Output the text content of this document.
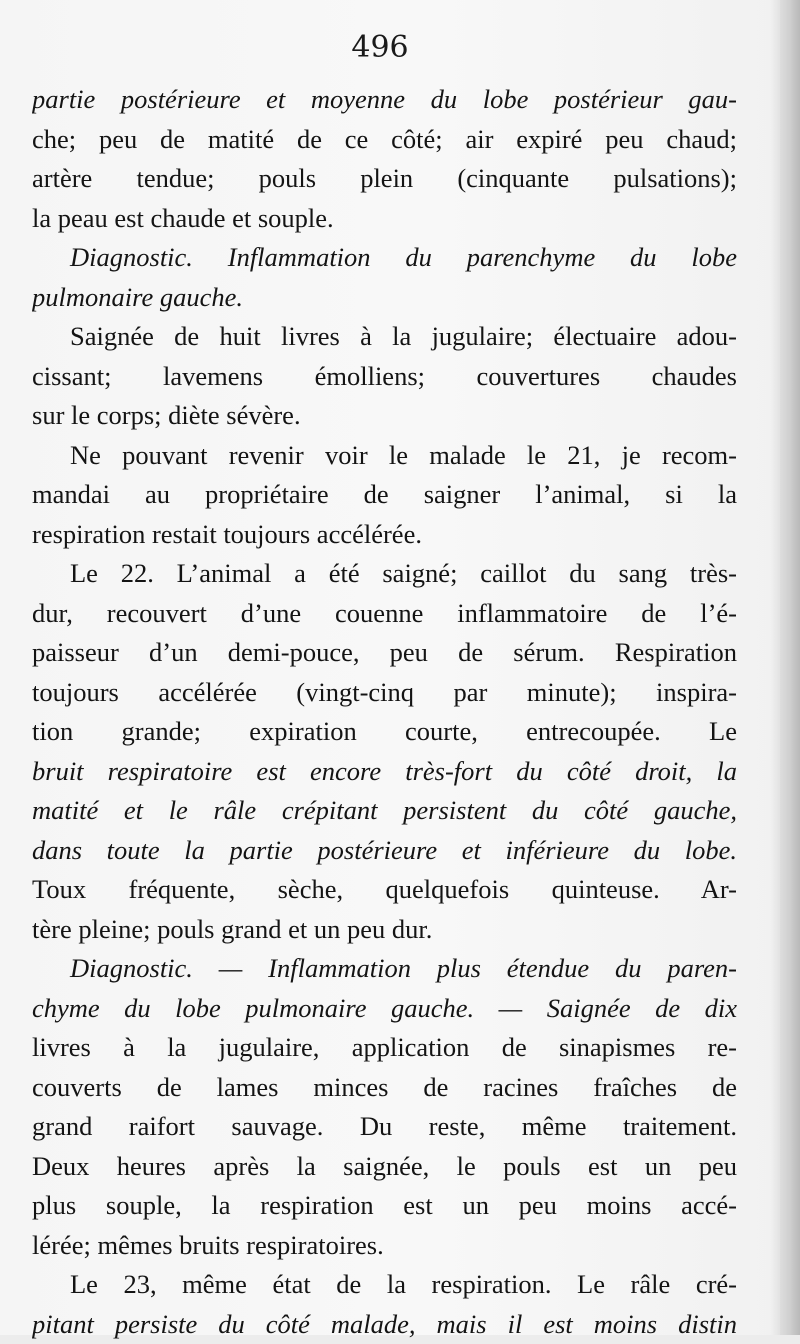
496
partie postérieure et moyenne du lobe postérieur gau-
che; peu de matité de ce côté; air expiré peu chaud;
artère tendue; pouls plein (cinquante pulsations);
la peau est chaude et souple.
Diagnostic. Inflammation du parenchyme du lobe
pulmonaire gauche.
Saignée de huit livres à la jugulaire; électuaire adou-
cissant; lavemens émolliens; couvertures chaudes
sur le corps; diète sévère.
Ne pouvant revenir voir le malade le 21, je recom-
mandai au propriétaire de saigner l’animal, si la
respiration restait toujours accélérée.
Le 22. L’animal a été saigné; caillot du sang très-
dur, recouvert d’une couenne inflammatoire de l’é-
paisseur d’un demi-pouce, peu de sérum. Respiration
toujours accélérée (vingt-cinq par minute); inspira-
tion grande; expiration courte, entrecoupée. Le
bruit respiratoire est encore très-fort du côté droit, la
matité et le râle crépitant persistent du côté gauche,
dans toute la partie postérieure et inférieure du lobe.
Toux fréquente, sèche, quelquefois quinteuse. Ar-
tère pleine; pouls grand et un peu dur.
Diagnostic. — Inflammation plus étendue du paren-
chyme du lobe pulmonaire gauche. — Saignée de dix
livres à la jugulaire, application de sinapismes re-
couverts de lames minces de racines fraîches de
grand raifort sauvage. Du reste, même traitement.
Deux heures après la saignée, le pouls est un peu
plus souple, la respiration est un peu moins accé-
lérée; mêmes bruits respiratoires.
Le 23, même état de la respiration. Le râle cré-
pitant persiste du côté malade, mais il est moins distin
